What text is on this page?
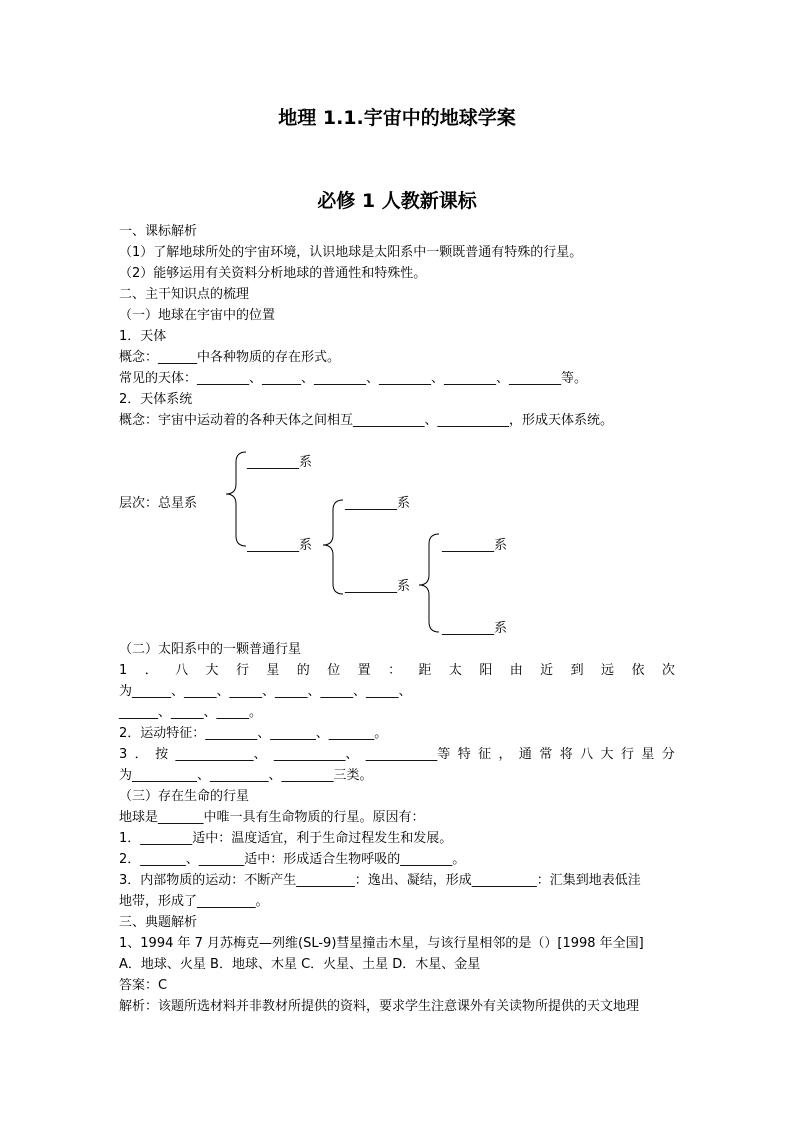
地理 1.1.宇宙中的地球学案
必修 1 人教新课标
一、课标解析
（1）了解地球所处的宇宙环境，认识地球是太阳系中一颗既普通有特殊的行星。
（2）能够运用有关资料分析地球的普通性和特殊性。
二、主干知识点的梳理
（一）地球在宇宙中的位置
1．天体
概念：______中各种物质的存在形式。
常见的天体：________、______、________、________、________、________等。
2．天体系统
概念：宇宙中运动着的各种天体之间相互___________、___________，形成天体系统。
层次：总星系
________系
________系
________系
________系
________系
________系
（二）太阳系中的一颗普通行星
1 ． 八 大 行 星 的 位 置 ： 距 太 阳 由 近 到 远 依 次
为______、_____、_____、_____、_____、_____、
______、_____、_____。
2．运动特征：________、_______、_______。
3 ． 按 ____________、 ___________、 ___________等 特 征 ， 通 常 将 八 大 行 星 分
为__________、_________、________三类。
（三）存在生命的行星
地球是_______中唯一具有生命物质的行星。原因有：
1．________适中：温度适宜，利于生命过程发生和发展。
2．_______、_______适中：形成适合生物呼吸的________。
3．内部物质的运动：不断产生_________：逸出、凝结，形成__________：汇集到地表低洼
地带，形成了_________。
三、典题解析
1、1994 年 7 月苏梅克—列维(SL-9)彗星撞击木星，与该行星相邻的是（）[1998 年全国]
A．地球、火星 B．地球、木星 C．火星、土星 D．木星、金星
答案：C
解析：该题所选材料并非教材所提供的资料，要求学生注意课外有关读物所提供的天文地理
